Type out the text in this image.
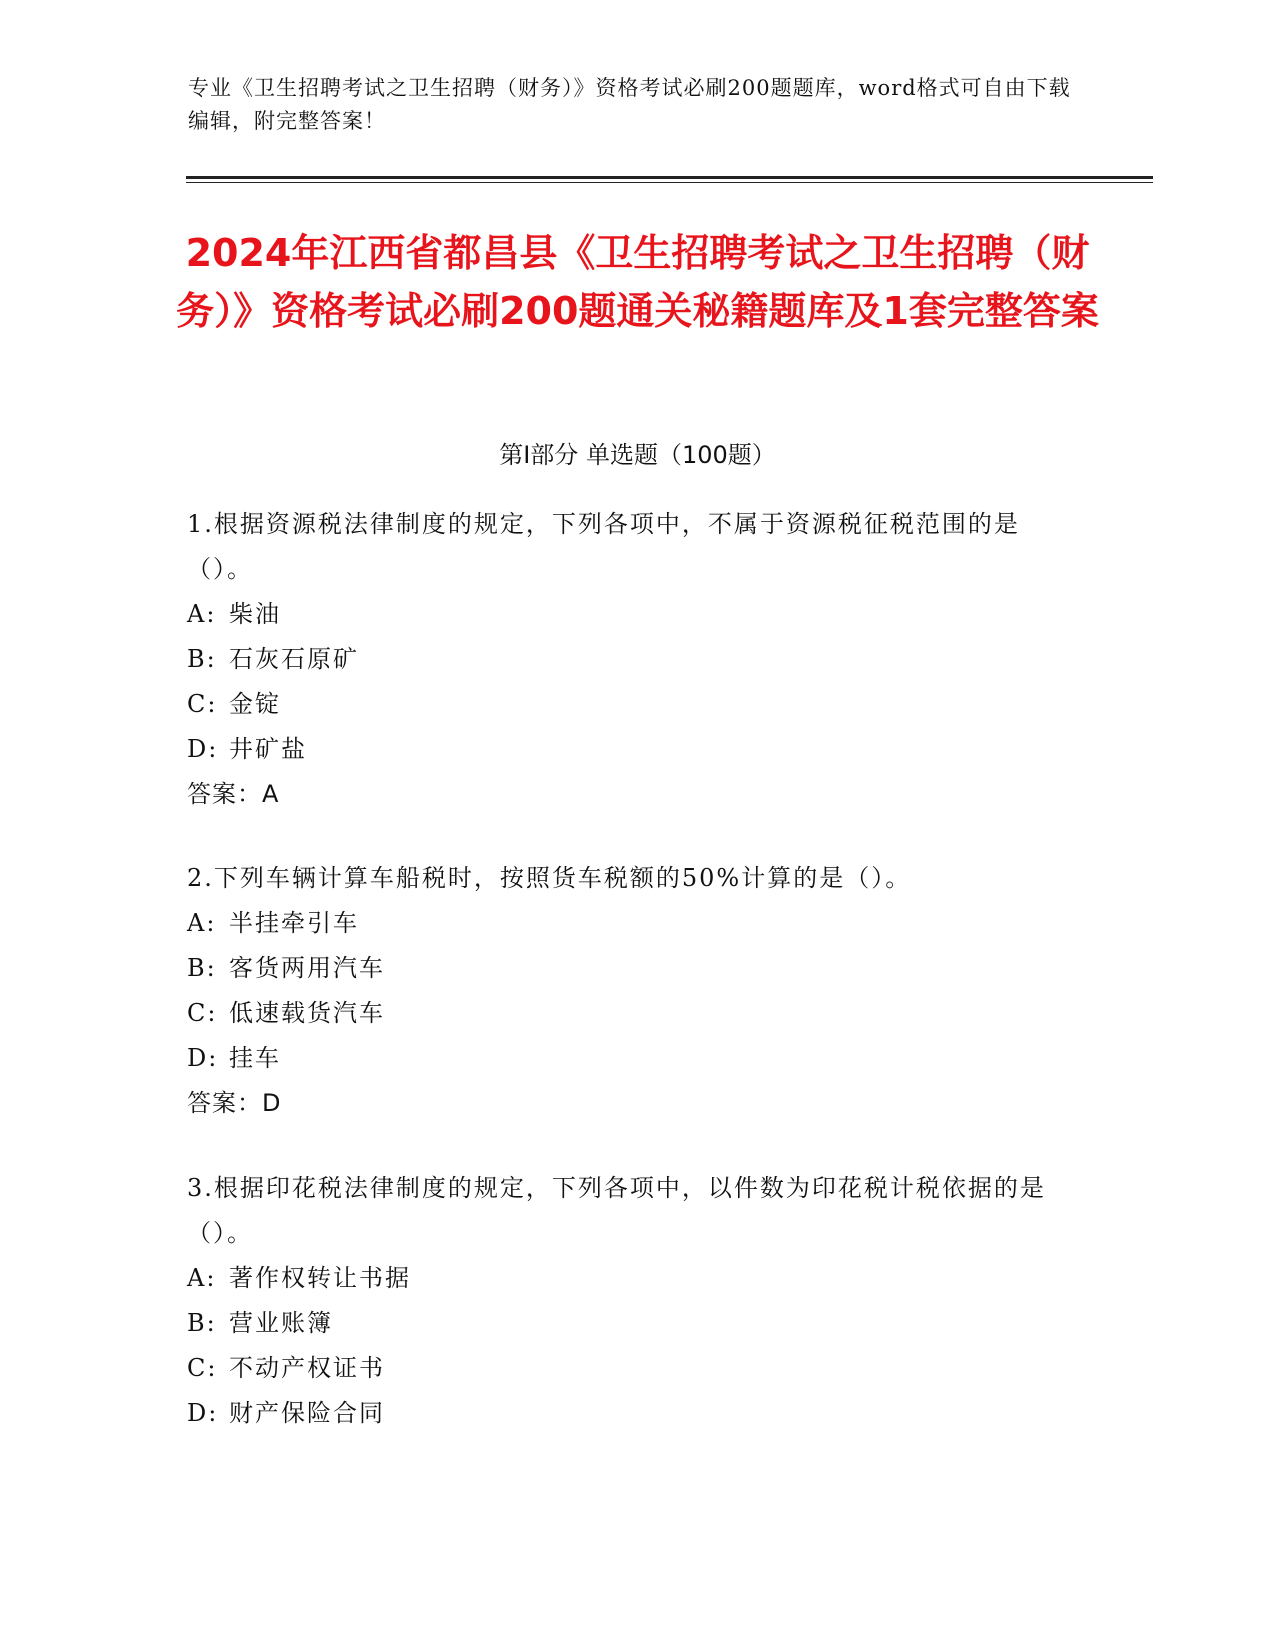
专业《卫生招聘考试之卫生招聘（财务）》资格考试必刷200题题库，word格式可自由下载编辑，附完整答案！
2024年江西省都昌县《卫生招聘考试之卫生招聘（财务）》资格考试必刷200题通关秘籍题库及1套完整答案
第Ⅰ部分 单选题（100题）
1.根据资源税法律制度的规定，下列各项中，不属于资源税征税范围的是（）。
A: 柴油
B: 石灰石原矿
C: 金锭
D: 井矿盐
答案：A
2.下列车辆计算车船税时，按照货车税额的50%计算的是（）。
A: 半挂牵引车
B: 客货两用汽车
C: 低速载货汽车
D: 挂车
答案：D
3.根据印花税法律制度的规定，下列各项中，以件数为印花税计税依据的是（）。
A: 著作权转让书据
B: 营业账簿
C: 不动产权证书
D: 财产保险合同
